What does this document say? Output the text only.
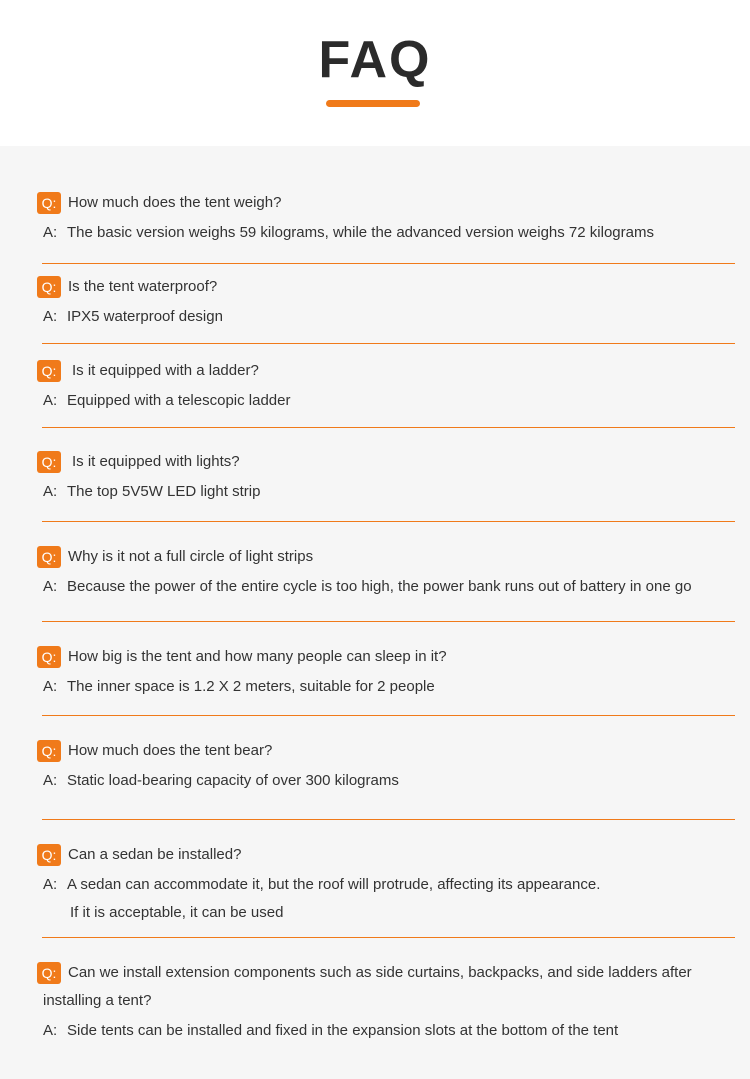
FAQ
Q: How much does the tent weigh?
A: The basic version weighs 59 kilograms, while the advanced version weighs 72 kilograms
Q: Is the tent waterproof?
A: IPX5 waterproof design
Q:	Is it equipped with a ladder?
A: Equipped with a telescopic ladder
Q:	Is it equipped with lights?
A: The top 5V5W LED light strip
Q: Why is it not a full circle of light strips
A: Because the power of the entire cycle is too high, the power bank runs out of battery in one go
Q: How big is the tent and how many people can sleep in it?
A: The inner space is 1.2 X 2 meters, suitable for 2 people
Q: How much does the tent bear?
A: Static load-bearing capacity of over 300 kilograms
Q: Can a sedan be installed?
A: A sedan can accommodate it, but the roof will protrude, affecting its appearance.
If it is acceptable, it can be used
Q: Can we install extension components such as side curtains, backpacks, and side ladders after installing a tent?
A: Side tents can be installed and fixed in the expansion slots at the bottom of the tent
